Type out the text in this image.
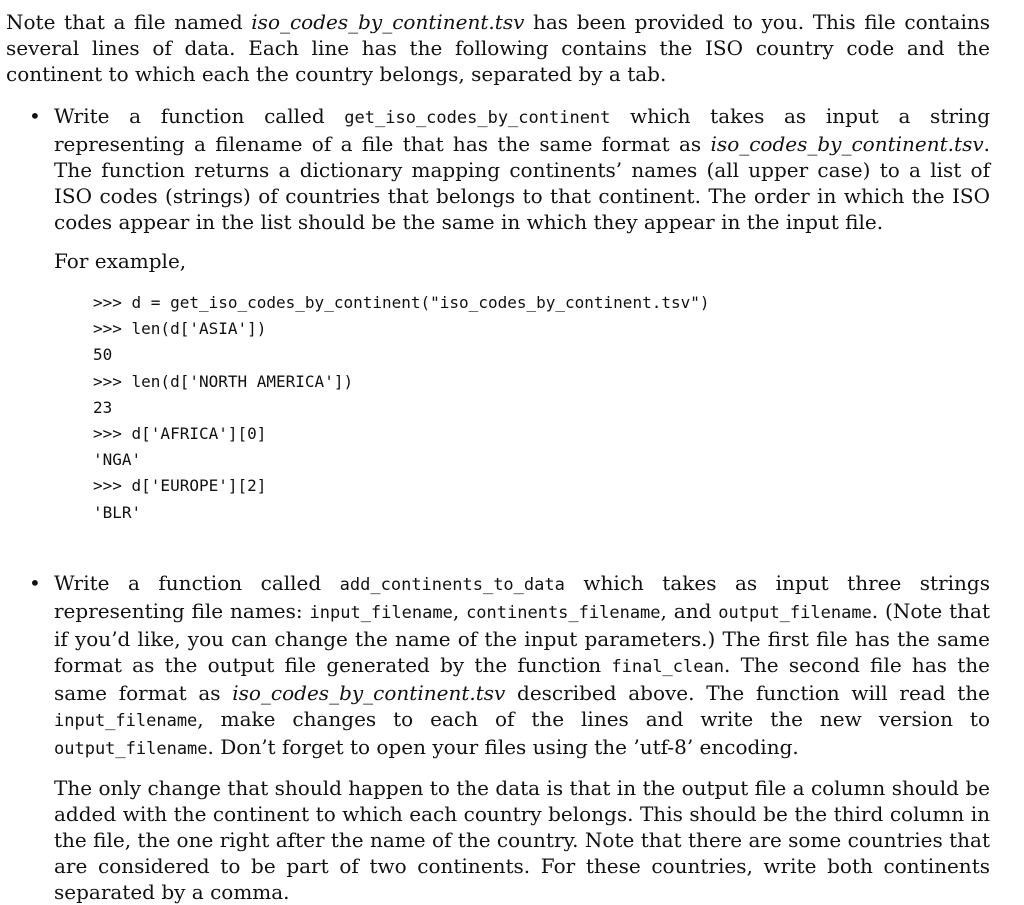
Note that a file named iso_codes_by_continent.tsv has been provided to you. This file contains several lines of data. Each line has the following contains the ISO country code and the continent to which each the country belongs, separated by a tab.

• Write a function called get_iso_codes_by_continent which takes as input a string representing a filename of a file that has the same format as iso_codes_by_continent.tsv. The function returns a dictionary mapping continents’ names (all upper case) to a list of ISO codes (strings) of countries that belongs to that continent. The order in which the ISO codes appear in the list should be the same in which they appear in the input file.

For example,

>>> d = get_iso_codes_by_continent("iso_codes_by_continent.tsv")
>>> len(d['ASIA'])
50
>>> len(d['NORTH AMERICA'])
23
>>> d['AFRICA'][0]
'NGA'
>>> d['EUROPE'][2]
'BLR'
• Write a function called add_continents_to_data which takes as input three strings representing file names: input_filename, continents_filename, and output_filename. (Note that if you’d like, you can change the name of the input parameters.) The first file has the same format as the output file generated by the function final_clean. The second file has the same format as iso_codes_by_continent.tsv described above. The function will read the input_filename, make changes to each of the lines and write the new version to output_filename. Don’t forget to open your files using the ’utf-8’ encoding.

The only change that should happen to the data is that in the output file a column should be added with the continent to which each country belongs. This should be the third column in the file, the one right after the name of the country. Note that there are some countries that are considered to be part of two continents. For these countries, write both continents separated by a comma.
